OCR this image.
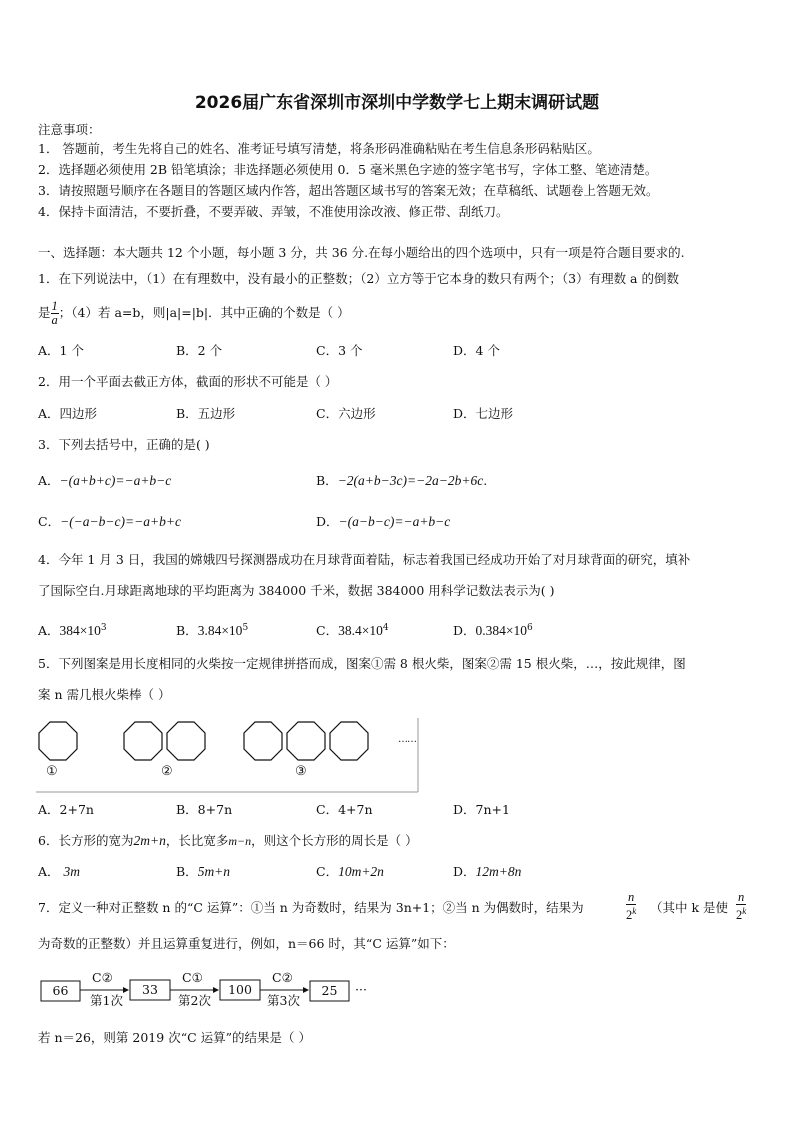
2026届广东省深圳市深圳中学数学七上期末调研试题
注意事项：
1． 答题前，考生先将自己的姓名、准考证号填写清楚，将条形码准确粘贴在考生信息条形码粘贴区。
2．选择题必须使用 2B 铅笔填涂；非选择题必须使用 0．5 毫米黑色字迹的签字笔书写，字体工整、笔迹清楚。
3．请按照题号顺序在各题目的答题区域内作答，超出答题区域书写的答案无效；在草稿纸、试题卷上答题无效。
4．保持卡面清洁，不要折叠，不要弄破、弄皱，不准使用涂改液、修正带、刮纸刀。
一、选择题：本大题共 12 个小题，每小题 3 分，共 36 分.在每小题给出的四个选项中，只有一项是符合题目要求的.
1．在下列说法中，（1）在有理数中，没有最小的正整数；（2）立方等于它本身的数只有两个；（3）有理数 a 的倒数
是 $\frac{1}{a}$ ；（4）若 a=b，则|a|=|b|．其中正确的个数是（ ）
A．1 个	B．2 个	C．3 个	D．4 个
2．用一个平面去截正方体，截面的形状不可能是（ ）
A．四边形	B．五边形	C．六边形	D．七边形
3．下列去括号中，正确的是( )
A．−(a+b+c)=−a+b−c	B．−2(a+b−3c)=−2a−2b+6c.
C．−(−a−b−c)=−a+b+c	D．−(a−b−c)=−a+b−c
4．今年 1 月 3 日，我国的嫦娥四号探测器成功在月球背面着陆，标志着我国已经成功开始了对月球背面的研究，填补
了国际空白.月球距离地球的平均距离为 384000 千米，数据 384000 用科学记数法表示为( )
A．$384\times 10^3$	B．$3.84\times 10^5$	C．$38.4\times 10^4$	D．$0.384\times 10^6$
5．下列图案是用长度相同的火柴按一定规律拼搭而成，图案①需 8 根火柴，图案②需 15 根火柴，…，按此规律，图
案 n 需几根火柴棒（ ）
①	②	③
……
A．2+7n	B．8+7n	C．4+7n	D．7n+1
6．长方形的宽为2m+n，长比宽多m−n，则这个长方形的周长是（ ）
A． 3m	B．5m+n	C．10m+2n	D．12m+8n
7．定义一种对正整数 n 的“C 运算”：①当 n 为奇数时，结果为 3n+1；②当 n 为偶数时，结果为	$\frac{n}{2^k}$ （其中 k 是使 $\frac{n}{2^k}$
为奇数的正整数）并且运算重复进行，例如，n＝66 时，其“C 运算”如下：
66	33	100	25
C②	C①	C②
第1次	第2次	第3次
···
若 n＝26，则第 2019 次“C 运算”的结果是（ ）
